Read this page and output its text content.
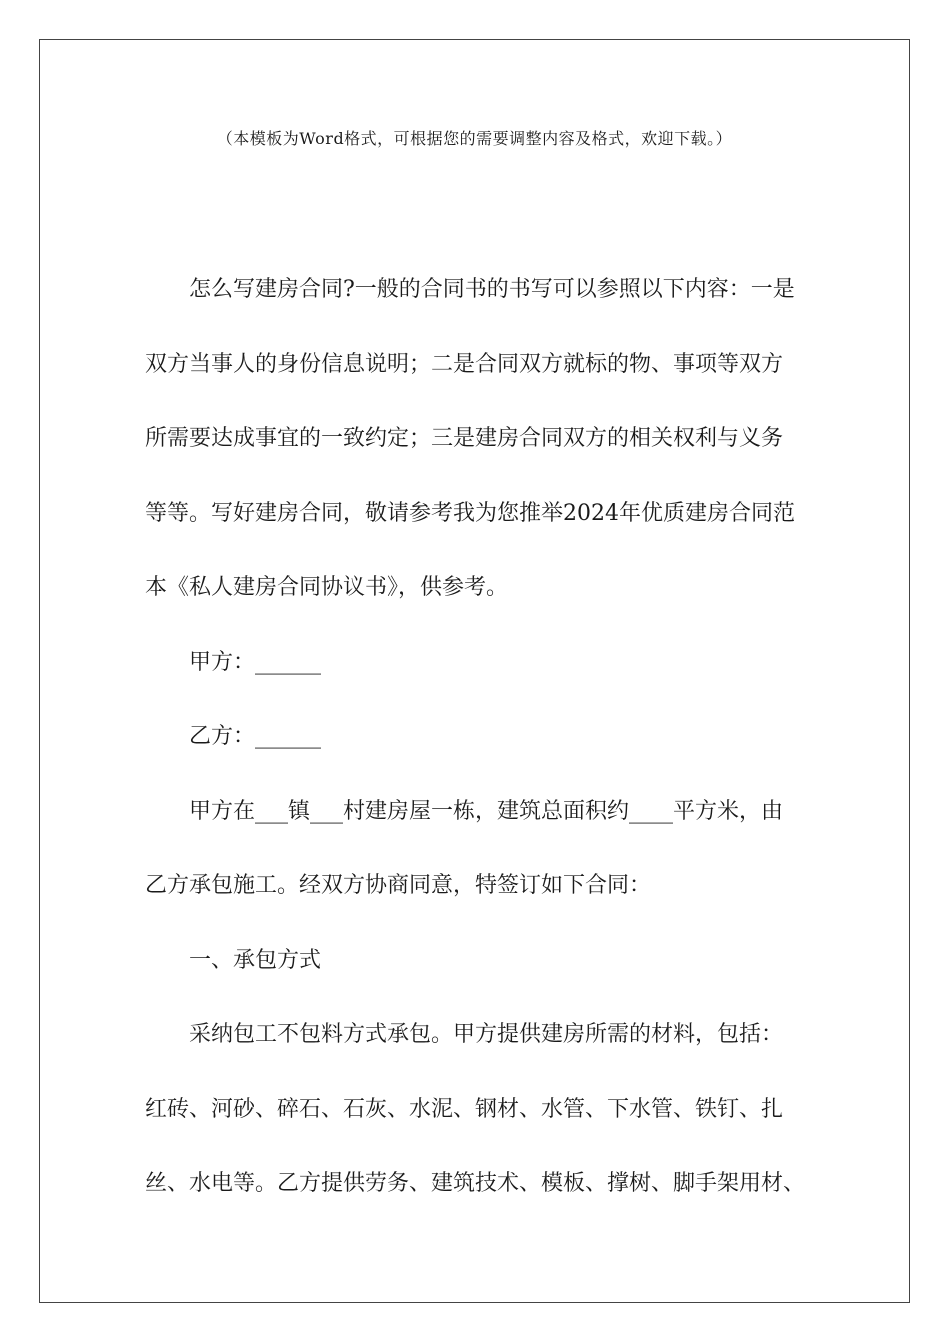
（本模板为Word格式，可根据您的需要调整内容及格式，欢迎下载。）
怎么写建房合同?一般的合同书的书写可以参照以下内容：一是
双方当事人的身份信息说明；二是合同双方就标的物、事项等双方
所需要达成事宜的一致约定；三是建房合同双方的相关权利与义务
等等。写好建房合同，敬请参考我为您推举2024年优质建房合同范
本《私人建房合同协议书》，供参考。
甲方：______
乙方：______
甲方在___镇___村建房屋一栋，建筑总面积约____平方米，由
乙方承包施工。经双方协商同意，特签订如下合同：
一、承包方式
采纳包工不包料方式承包。甲方提供建房所需的材料，包括：
红砖、河砂、碎石、石灰、水泥、钢材、水管、下水管、铁钉、扎
丝、水电等。乙方提供劳务、建筑技术、模板、撑树、脚手架用材、
